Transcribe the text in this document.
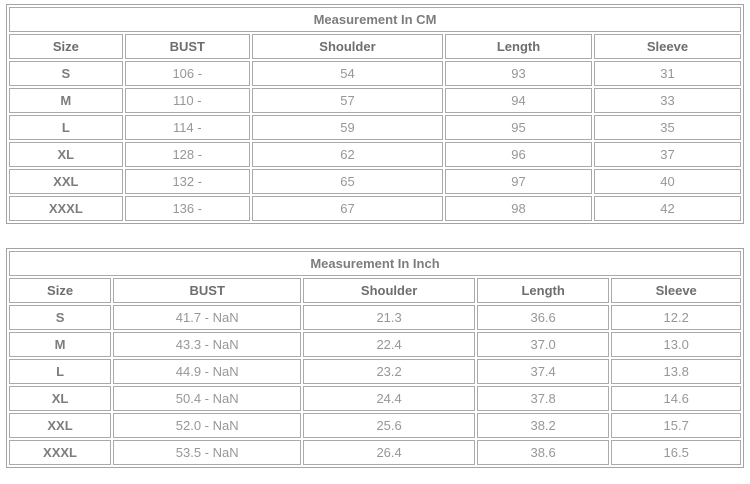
Measurement In CM				
Size	BUST	Shoulder	Length	Sleeve
S	106 -	54	93	31
M	110 -	57	94	33
L	114 -	59	95	35
XL	128 -	62	96	37
XXL	132 -	65	97	40
XXXL	136 -	67	98	42
Measurement In Inch				
Size	BUST	Shoulder	Length	Sleeve
S	41.7 - NaN	21.3	36.6	12.2
M	43.3 - NaN	22.4	37.0	13.0
L	44.9 - NaN	23.2	37.4	13.8
XL	50.4 - NaN	24.4	37.8	14.6
XXL	52.0 - NaN	25.6	38.2	15.7
XXXL	53.5 - NaN	26.4	38.6	16.5
